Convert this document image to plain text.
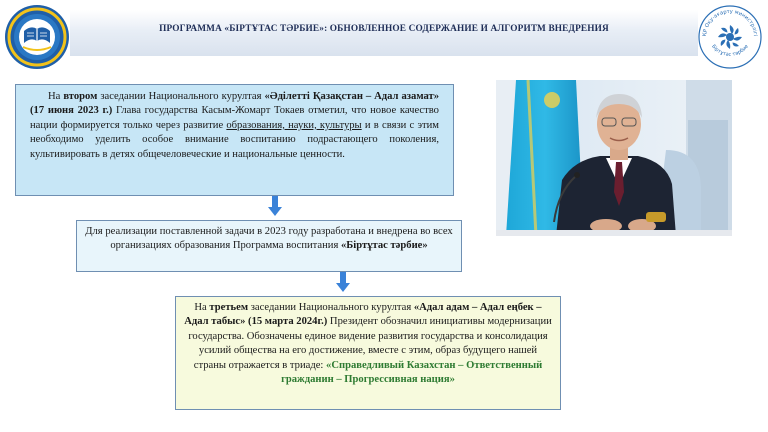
ПРОГРАММА «БІРТҰТАС ТӘРБИЕ»: ОБНОВЛЕННОЕ СОДЕРЖАНИЕ И АЛГОРИТМ ВНЕДРЕНИЯ
ҚР Оқу-ағарту министрлігі
Біртұтас тәрбие
На втором заседании Национального курултая «Әділетті Қазақстан – Адал азамат» (17 июня 2023 г.) Глава государства Касым-Жомарт Токаев отметил, что новое качество нации формируется только через развитие образования, науки, культуры и в связи с этим необходимо уделить особое внимание воспитанию подрастающего поколения, культивировать в детях общечеловеческие и национальные ценности.
Для реализации поставленной задачи в 2023 году разработана и внедрена во всех организациях образования Программа воспитания «Біртұтас тәрбие»
На третьем заседании Национального курултая «Адал адам – Адал еңбек – Адал табыс» (15 марта 2024г.) Президент обозначил инициативы модернизации государства. Обозначены единое видение развития государства и консолидация усилий общества на его достижение, вместе с этим, образ будущего нашей страны отражается в триаде: «Справедливый Казахстан – Ответственный гражданин – Прогрессивная нация»
